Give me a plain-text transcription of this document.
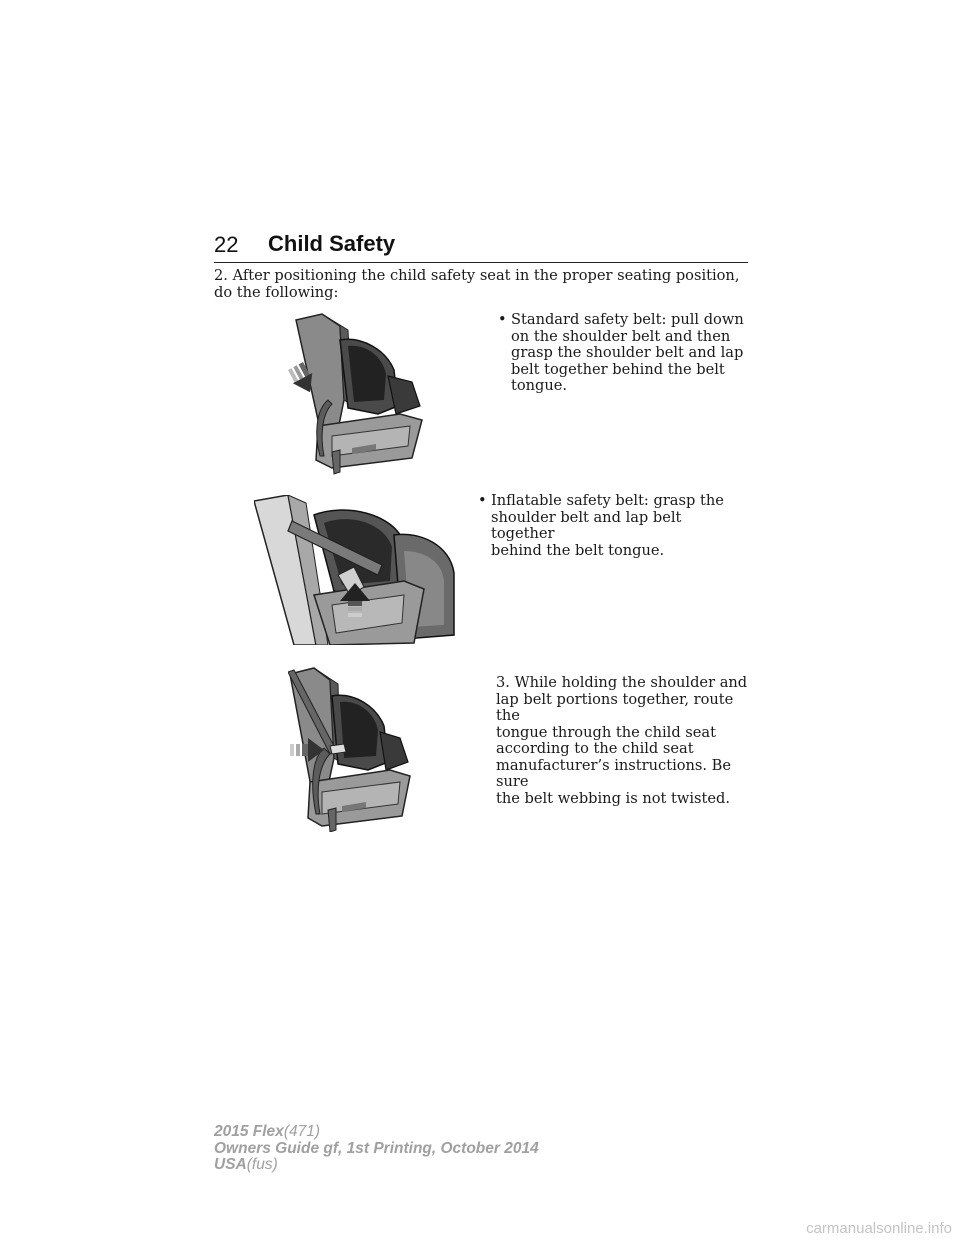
22 Child Safety

2. After positioning the child safety seat in the proper seating position, do the following:

• Standard safety belt: pull down
on the shoulder belt and then
grasp the shoulder belt and lap
belt together behind the belt
tongue.
• Inflatable safety belt: grasp the
shoulder belt and lap belt together
behind the belt tongue.
3. While holding the shoulder and
lap belt portions together, route the
tongue through the child seat
according to the child seat
manufacturer’s instructions. Be sure
the belt webbing is not twisted.
2015 Flex(471)
Owners Guide gf, 1st Printing, October 2014
USA(fus)
carmanualsonline.info
